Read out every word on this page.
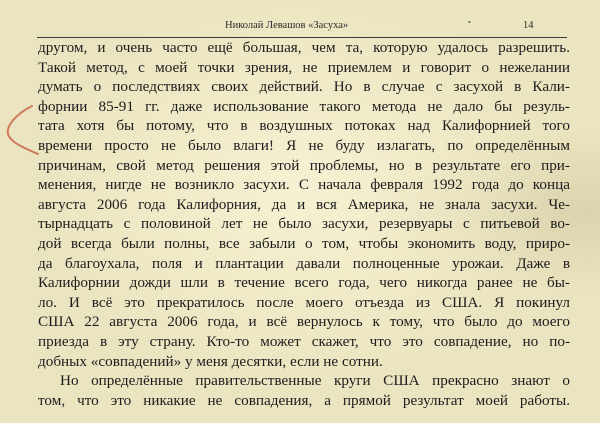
Николай Левашов «Засуха»	14
•
другом, и очень часто ещё большая, чем та, которую удалось разрешить.
Такой метод, с моей точки зрения, не приемлем и говорит о нежелании
думать о последствиях своих действий. Но в случае с засухой в Кали-
форнии 85-91 гг. даже использование такого метода не дало бы резуль-
тата хотя бы потому, что в воздушных потоках над Калифорнией того
времени просто не было влаги! Я не буду излагать, по определённым
причинам, свой метод решения этой проблемы, но в результате его при-
менения, нигде не возникло засухи. С начала февраля 1992 года до конца
августа 2006 года Калифорния, да и вся Америка, не знала засухи. Че-
тырнадцать с половиной лет не было засухи, резервуары с питьевой во-
дой всегда были полны, все забыли о том, чтобы экономить воду, приро-
да благоухала, поля и плантации давали полноценные урожаи. Даже в
Калифорнии дожди шли в течение всего года, чего никогда ранее не бы-
ло. И всё это прекратилось после моего отъезда из США. Я покинул
США 22 августа 2006 года, и всё вернулось к тому, что было до моего
приезда в эту страну. Кто-то может скажет, что это совпадение, но по-
добных «совпадений» у меня десятки, если не сотни.
Но определённые правительственные круги США прекрасно знают о
том, что это никакие не совпадения, а прямой результат моей работы.
